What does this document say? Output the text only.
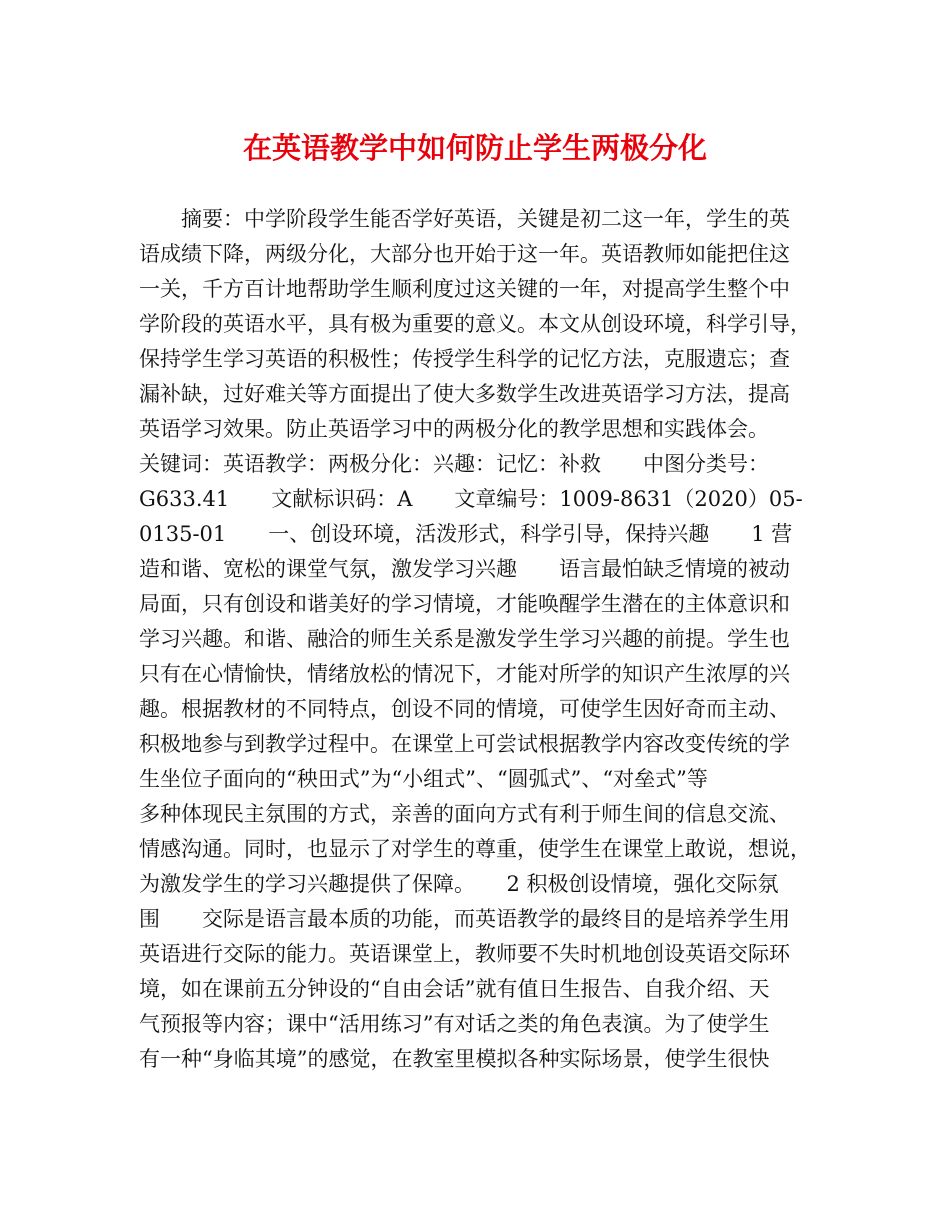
在英语教学中如何防止学生两极分化
摘要：中学阶段学生能否学好英语，关键是初二这一年，学生的英
语成绩下降，两级分化，大部分也开始于这一年。英语教师如能把住这
一关，千方百计地帮助学生顺利度过这关键的一年，对提高学生整个中
学阶段的英语水平，具有极为重要的意义。本文从创设环境，科学引导，
保持学生学习英语的积极性；传授学生科学的记忆方法，克服遗忘；查
漏补缺，过好难关等方面提出了使大多数学生改进英语学习方法，提高
英语学习效果。防止英语学习中的两极分化的教学思想和实践体会。
关键词：英语教学：两极分化：兴趣：记忆：补救　　中图分类号：
G633.41　　文献标识码：A　　文章编号：1009-8631（2020）05-
0135-01　　一、创设环境，活泼形式，科学引导，保持兴趣　　1 营
造和谐、宽松的课堂气氛，激发学习兴趣　　语言最怕缺乏情境的被动
局面，只有创设和谐美好的学习情境，才能唤醒学生潜在的主体意识和
学习兴趣。和谐、融洽的师生关系是激发学生学习兴趣的前提。学生也
只有在心情愉快，情绪放松的情况下，才能对所学的知识产生浓厚的兴
趣。根据教材的不同特点，创设不同的情境，可使学生因好奇而主动、
积极地参与到教学过程中。在课堂上可尝试根据教学内容改变传统的学
生坐位子面向的“秧田式”为“小组式”、“圆弧式”、“对垒式”等
多种体现民主氛围的方式，亲善的面向方式有利于师生间的信息交流、
情感沟通。同时，也显示了对学生的尊重，使学生在课堂上敢说，想说，
为激发学生的学习兴趣提供了保障。　　2 积极创设情境，强化交际氛
围　　交际是语言最本质的功能，而英语教学的最终目的是培养学生用
英语进行交际的能力。英语课堂上，教师要不失时机地创设英语交际环
境，如在课前五分钟设的“自由会话”就有值日生报告、自我介绍、天
气预报等内容；课中“活用练习”有对话之类的角色表演。为了使学生
有一种“身临其境”的感觉，在教室里模拟各种实际场景，使学生很快
